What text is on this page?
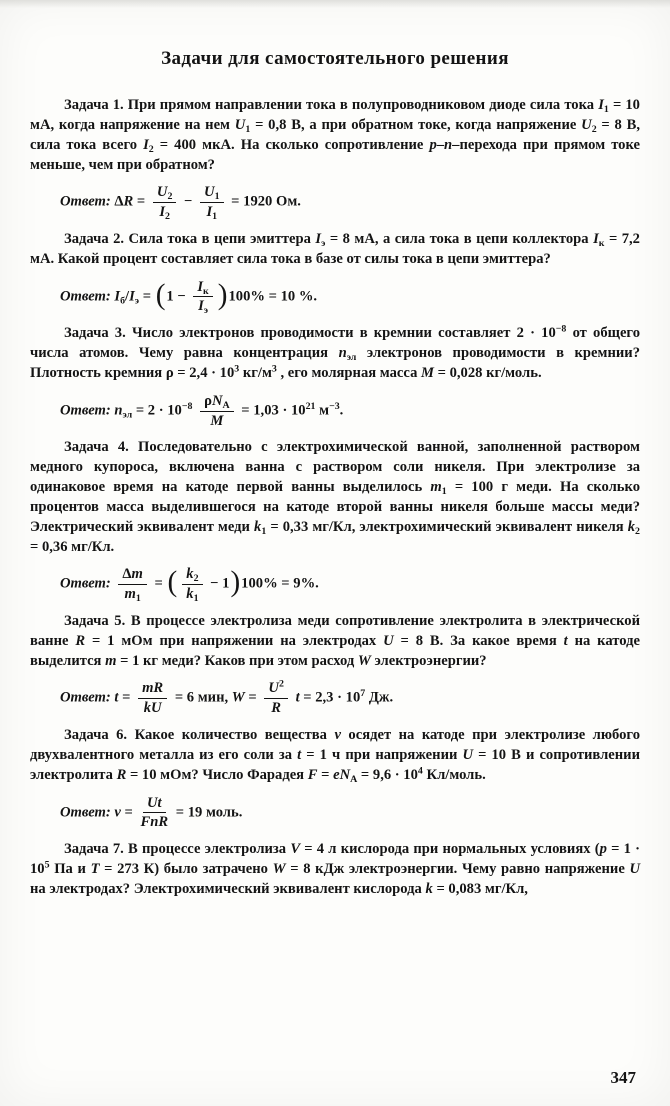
Задачи для самостоятельного решения

Задача 1. При прямом направлении тока в полупроводниковом диоде сила тока $I_1 = 10$ мА, когда напряжение на нем $U_1 = 0,8$ В, а при обратном токе, когда напряжение $U_2 = 8$ В, сила тока всего $I_2 = 400$ мкА. На сколько сопротивление p–n–перехода при прямом токе меньше, чем при обратном?

Ответ: $\Delta R = \frac{U_2}{I_2} - \frac{U_1}{I_1} = 1920$ Ом.

Задача 2. Сила тока в цепи эмиттера $I_э = 8$ мА, а сила тока в цепи коллектора $I_к = 7,2$ мА. Какой процент составляет сила тока в базе от силы тока в цепи эмиттера?

Ответ: $I_б/I_э = (1 - \frac{I_к}{I_э} )100\% = 10$ %.

Задача 3. Число электронов проводимости в кремнии составляет $2 \cdot 10^{-8}$ от общего числа атомов. Чему равна концентрация $n_{эл}$ электронов проводимости в кремнии? Плотность кремния $\rho = 2,4 \cdot 10^3$ $кг/м^3$ , его молярная масса M = 0,028 кг/моль.

Ответ: $n_{эл} = 2 \cdot 10^{-8} \frac{\rho N_A}{M} = 1,03 \cdot 10^{21}$ $м^{-3}$.

Задача 4. Последовательно с электрохимической ванной, заполненной раствором медного купороса, включена ванна с раствором соли никеля. При электролизе за одинаковое время на катоде первой ванны выделилось $m_1 = 100$ г меди. На сколько процентов масса выделившегося на катоде второй ванны никеля больше массы меди? Электрический эквивалент меди $k_1 = 0,33$ мг/Кл, электрохимический эквивалент никеля $k_2 = 0,36$ мг/Кл.

Ответ: $\frac{\Delta m}{m_1}$ = ( $\frac{k_2}{k_1} - 1)100\% = 9\%$.

Задача 5. В процессе электролиза меди сопротивление электролита в электрической ванне R = 1 мОм при напряжении на электродах U = 8 В. За какое время t на катоде выделится m = 1 кг меди? Каков при этом расход W электроэнергии?

Ответ: $t = \frac{mR}{kU} = 6$ мин, $W = \frac{U^2}{R}$ $t = 2,3 \cdot 10^7$ Дж.

Задача 6. Какое количество вещества ν осядет на катоде при электролизе любого двухвалентного металла из его соли за t = 1 ч при напряжении U = 10 В и сопротивлении электролита R = 10 мОм? Число Фарадея $F = eN_A = 9,6 \cdot 10^4$ Кл/моль.

Ответ: $\nu = \frac{Ut}{\text{FnR}} = 19$ моль.

Задача 7. В процессе электролиза V = 4 л кислорода при нормальных условиях ($p = 1 \cdot 10^5$ Па и T = 273 К) было затрачено W = 8 кДж электроэнергии. Чему равно напряжение U на электродах? Электрохимический эквивалент кислорода k = 0,083 мг/Кл,

347
